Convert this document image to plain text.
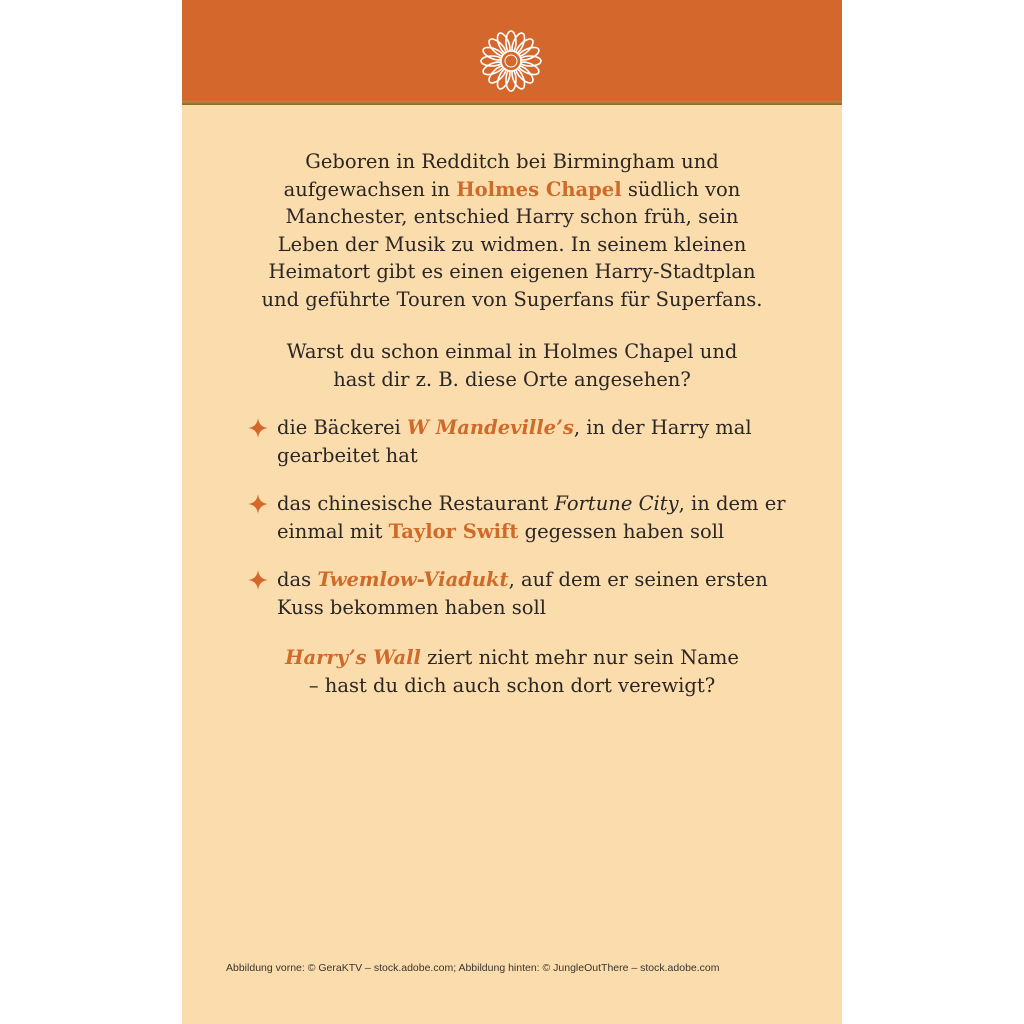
Geboren in Redditch bei Birmingham und aufgewachsen in Holmes Chapel südlich von Manchester, entschied Harry schon früh, sein Leben der Musik zu widmen. In seinem kleinen Heimatort gibt es einen eigenen Harry-Stadtplan und geführte Touren von Superfans für Superfans.

Warst du schon einmal in Holmes Chapel und hast dir z. B. diese Orte angesehen?

die Bäckerei W Mandeville’s, in der Harry mal gearbeitet hat

das chinesische Restaurant Fortune City, in dem er einmal mit Taylor Swift gegessen haben soll

das Twemlow-Viadukt, auf dem er seinen ersten Kuss bekommen haben soll

Harry’s Wall ziert nicht mehr nur sein Name – hast du dich auch schon dort verewigt?

Abbildung vorne: © GeraKTV – stock.adobe.com; Abbildung hinten: © JungleOutThere – stock.adobe.com
